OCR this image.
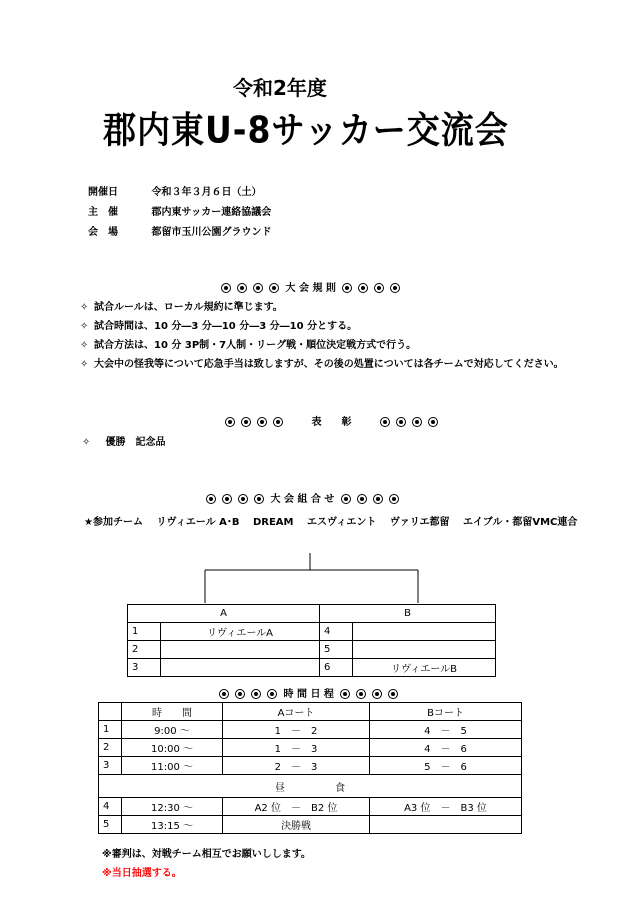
令和2年度
郡内東U-8サッカー交流会
開催日	令和３年３月６日（土）
主　催	郡内東サッカー連絡協議会
会　場	都留市玉川公園グラウンド
大 会 規 則
✧ 試合ルールは、ローカル規約に準じます。
✧ 試合時間は、10 分―3 分―10 分―3 分―10 分とする。
✧ 試合方法は、10 分 3P制・7人制・リーグ戦・順位決定戦方式で行う。
✧ 大会中の怪我等について応急手当は致しますが、その後の処置については各チームで対応してください。
表　　彰
✧ 優勝　記念品
大 会 組 合 せ
★参加チーム　 リヴィエール A･B　 DREAM　 エスヴィエント　 ヴァリエ都留　 エイブル・都留VMC連合
A		B	
1	リヴィエールA	4	
2		5	
3		6	リヴィエールB
時 間 日 程
	時　　間	Aコート	Bコート
1	9:00 ～	1　－　2	4　－　5
2	10:00 ～	1　－　3	4　－　6
3	11:00 ～	2　－　3	5　－　6
昼　　　　　食			
4	12:30 ～	A2 位　－　B2 位	A3 位　－　B3 位
5	13:15 ～	決勝戦	
※審判は、対戦チーム相互でお願いしします。
※当日抽選する。
